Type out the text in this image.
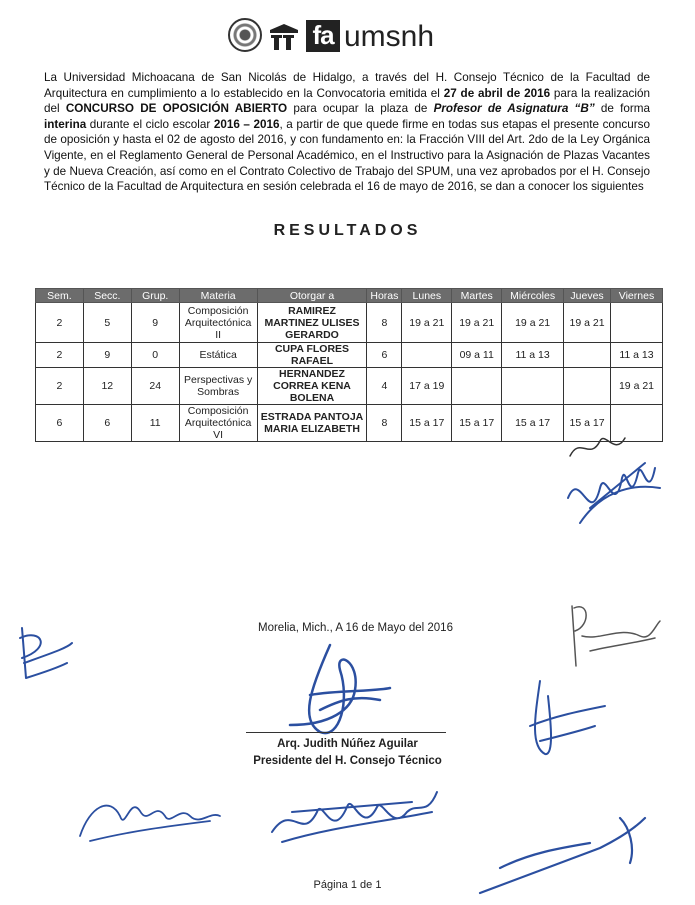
fa umsnh
La Universidad Michoacana de San Nicolás de Hidalgo, a través del H. Consejo Técnico de la Facultad de Arquitectura en cumplimiento a lo establecido en la Convocatoria emitida el 27 de abril de 2016 para la realización del CONCURSO DE OPOSICIÓN ABIERTO para ocupar la plaza de Profesor de Asignatura “B” de forma interina durante el ciclo escolar 2016 – 2016, a partir de que quede firme en todas sus etapas el presente concurso de oposición y hasta el 02 de agosto del 2016, y con fundamento en: la Fracción VIII del Art. 2do de la Ley Orgánica Vigente, en el Reglamento General de Personal Académico, en el Instructivo para la Asignación de Plazas Vacantes y de Nueva Creación, así como en el Contrato Colectivo de Trabajo del SPUM, una vez aprobados por el H. Consejo Técnico de la Facultad de Arquitectura en sesión celebrada el 16 de mayo de 2016, se dan a conocer los siguientes
RESULTADOS
Sem.	Secc.	Grup.	Materia	Otorgar a	Horas	Lunes	Martes	Miércoles	Jueves	Viernes
2	5	9	Composición Arquitectónica II	RAMIREZ MARTINEZ ULISES GERARDO	8	19 a 21	19 a 21	19 a 21	19 a 21	
2	9	0	Estática	CUPA FLORES RAFAEL	6		09 a 11	11 a 13		11 a 13
2	12	24	Perspectivas y Sombras	HERNANDEZ CORREA KENA BOLENA	4	17 a 19				19 a 21
6	6	11	Composición Arquitectónica VI	ESTRADA PANTOJA MARIA ELIZABETH	8	15 a 17	15 a 17	15 a 17	15 a 17	
Morelia, Mich., A 16 de Mayo del 2016
Arq. Judith Núñez Aguilar
Presidente del H. Consejo Técnico
Página 1 de 1
